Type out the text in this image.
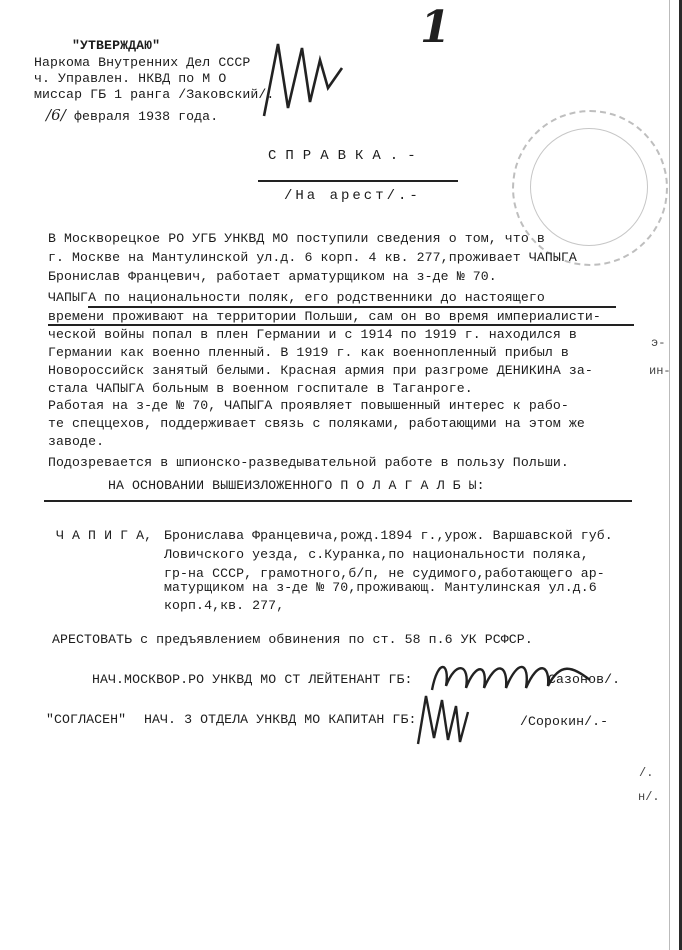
1
"УТВЕРЖДАЮ"
Наркома Внутренних Дел СССР
ч. Управлен. НКВД по М О
миссар ГБ 1 ранга /Заковский/.
/6/ февраля 1938 года.
СПРАВКА.-
/На арест/.-
В Москворецкое РО УГБ УНКВД МО поступили сведения о том, что в
г. Москве на Мантулинской ул.д. 6 корп. 4 кв. 277,проживает ЧАПЫГА
Бронислав Францевич, работает арматурщиком на з-де № 70.
ЧАПЫГА по национальности поляк, его родственники до настоящего
времени проживают на территории Польши, сам он во время империалисти-
ческой войны попал в плен Германии и с 1914 по 1919 г. находился в
Германии как военно пленный. В 1919 г. как военнопленный прибыл в
Новороссийск занятый белыми. Красная армия при разгроме ДЕНИКИНА за-
стала ЧАПЫГА больным в военном госпитале в Таганроге.
Работая на з-де № 70, ЧАПЫГА проявляет повышенный интерес к рабо-
те спеццехов, поддерживает связь с поляками, работающими на этом же
заводе.
Подозревается в шпионско-разведывательной работе в пользу Польши.
НА ОСНОВАНИИ ВЫШЕИЗЛОЖЕННОГО П О Л А Г А Л Б Ы:
Ч А П И Г А, Брониславa Францевича,рожд.1894 г.,урож. Варшавской губ.
Ловичского уезда, с.Куранка,по национальности поляка,
гр-на СССР, грамотного,б/п, не судимого,работающего ар-
матурщиком на з-де № 70,проживающ. Мантулинская ул.д.6
корп.4,кв. 277,
АРЕСТОВАТЬ с предъявлением обвинения по ст. 58 п.6 УК РСФСР.
НАЧ.МОСКВОР.РО УНКВД МО СТ ЛЕЙТЕНАНТ ГБ:	Сазонов/.
"СОГЛАСЕН" НАЧ. 3 ОТДЕЛА УНКВД МО КАПИТАН ГБ:	/Сорокин/.-
э-
ин-
/.
н/.
